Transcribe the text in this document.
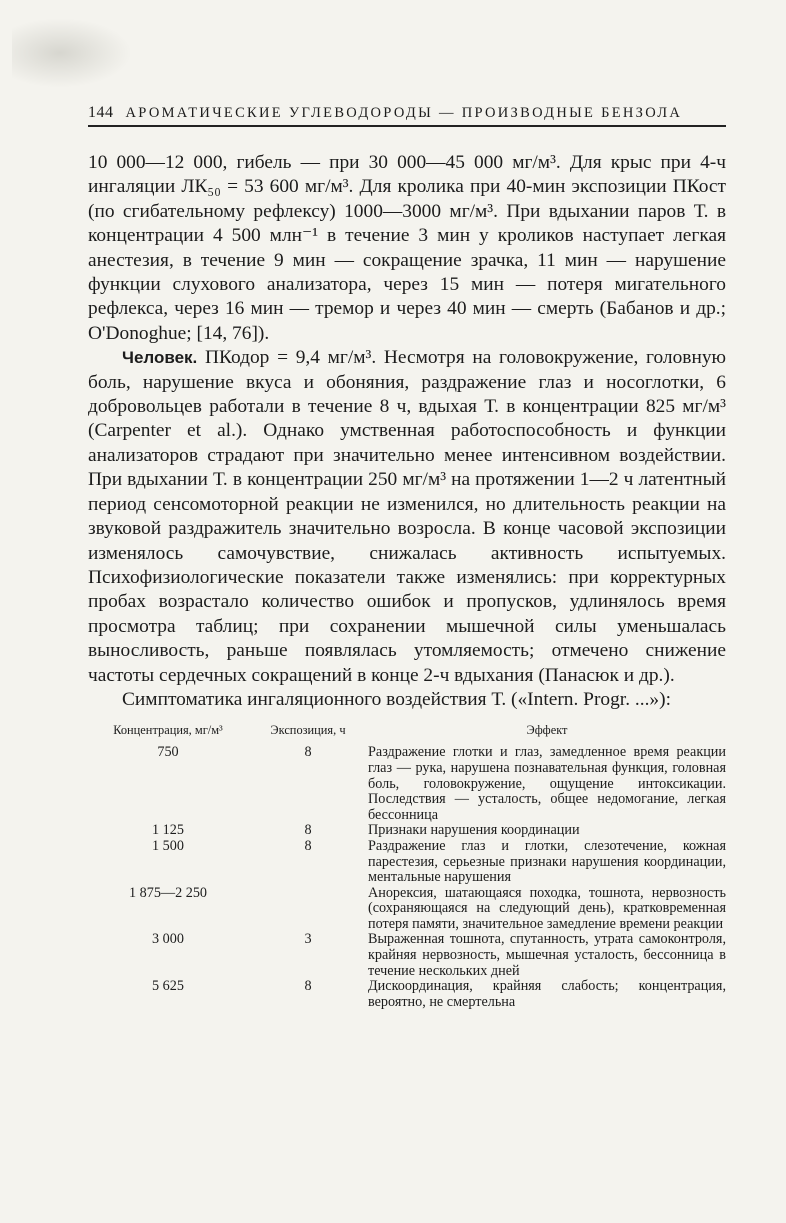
144 АРОМАТИЧЕСКИЕ УГЛЕВОДОРОДЫ — ПРОИЗВОДНЫЕ БЕНЗОЛА

10 000—12 000, гибель — при 30 000—45 000 мг/м³. Для крыс при 4-ч ингаляции ЛК₅₀ = 53 600 мг/м³. Для кролика при 40-мин экспозиции ПКост (по сгибательному рефлексу) 1000—3000 мг/м³. При вдыхании паров Т. в концентрации 4 500 млн⁻¹ в течение 3 мин у кроликов наступает легкая анестезия, в течение 9 мин — сокращение зрачка, 11 мин — нарушение функции слухового анализатора, через 15 мин — потеря мигательного рефлекса, через 16 мин — тремор и через 40 мин — смерть (Бабанов и др.; O'Donoghue; [14, 76]).

Человек. ПКодор = 9,4 мг/м³. Несмотря на головокружение, головную боль, нарушение вкуса и обоняния, раздражение глаз и носоглотки, 6 добровольцев работали в течение 8 ч, вдыхая Т. в концентрации 825 мг/м³ (Carpenter et al.). Однако умственная работоспособность и функции анализаторов страдают при значительно менее интенсивном воздействии. При вдыхании Т. в концентрации 250 мг/м³ на протяжении 1—2 ч латентный период сенсомоторной реакции не изменился, но длительность реакции на звуковой раздражитель значительно возросла. В конце часовой экспозиции изменялось самочувствие, снижалась активность испытуемых. Психофизиологические показатели также изменялись: при корректурных пробах возрастало количество ошибок и пропусков, удлинялось время просмотра таблиц; при сохранении мышечной силы уменьшалась выносливость, раньше появлялась утомляемость; отмечено снижение частоты сердечных сокращений в конце 2-ч вдыхания (Панасюк и др.).

Симптоматика ингаляционного воздействия Т. («Intern. Progr. ...»):

Концентрация, мг/м³	Экспозиция, ч	Эффект
750	8	Раздражение глотки и глаз, замедленное время реакции глаз — рука, нарушена познавательная функция, головная боль, головокружение, ощущение интоксикации. Последствия — усталость, общее недомогание, легкая бессонница
1 125	8	Признаки нарушения координации
1 500	8	Раздражение глаз и глотки, слезотечение, кожная парестезия, серьезные признаки нарушения координации, ментальные нарушения
1 875—2 250		Анорексия, шатающаяся походка, тошнота, нервозность (сохраняющаяся на следующий день), кратковременная потеря памяти, значительное замедление времени реакции
3 000	3	Выраженная тошнота, спутанность, утрата самоконтроля, крайняя нервозность, мышечная усталость, бессонница в течение нескольких дней
5 625	8	Дискоординация, крайняя слабость; концентрация, вероятно, не смертельна
